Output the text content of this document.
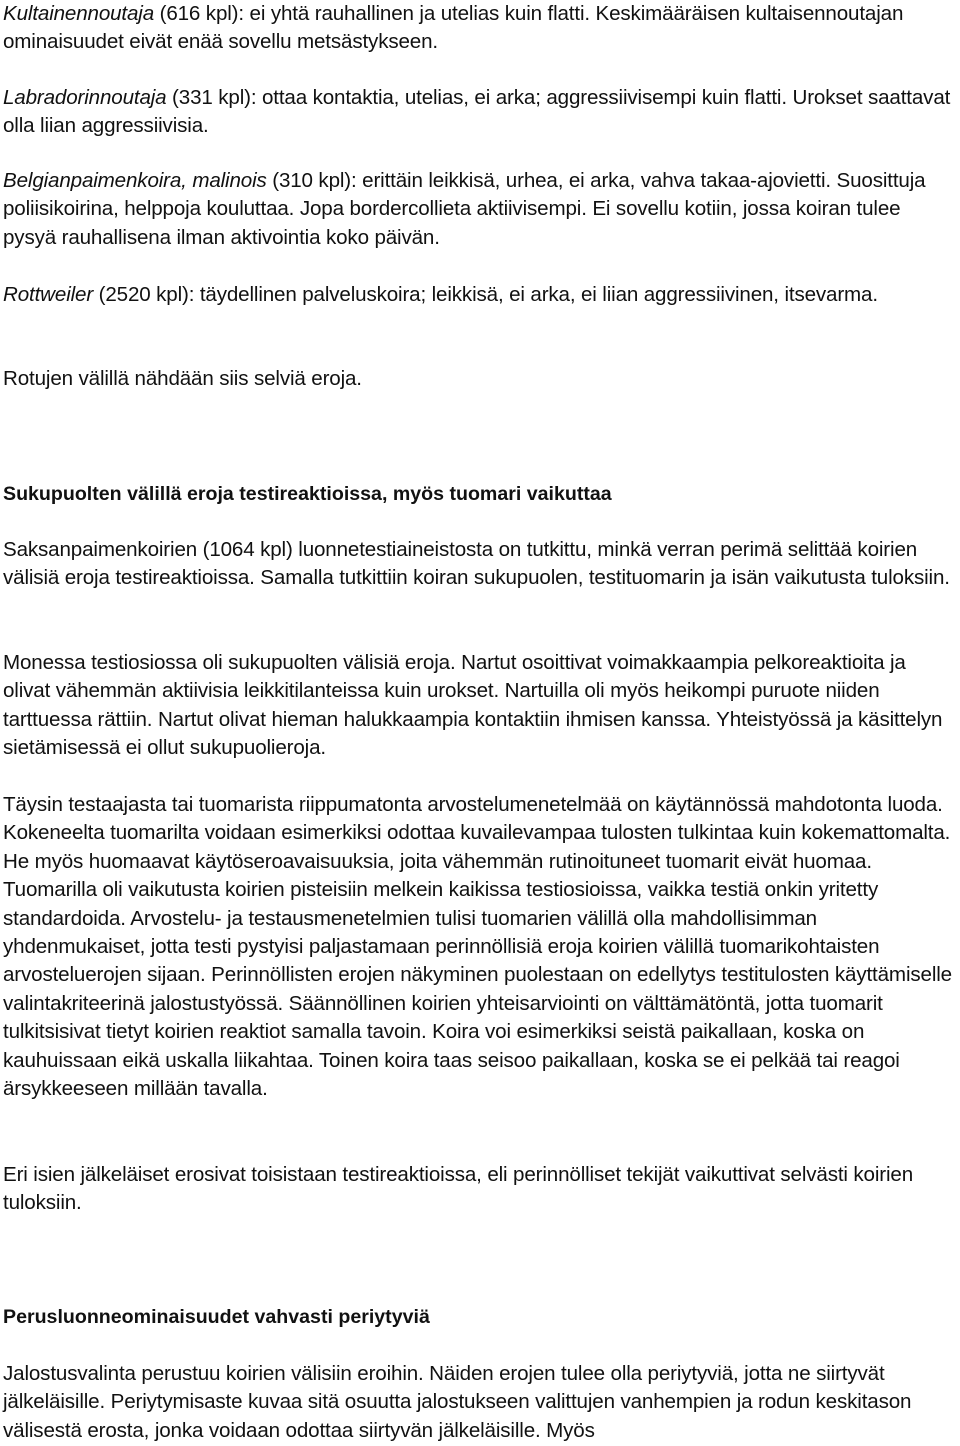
Kultainennoutaja (616 kpl): ei yhtä rauhallinen ja utelias kuin flatti. Keskimääräisen kultaisennoutajan ominaisuudet eivät enää sovellu metsästykseen.

Labradorinnoutaja (331 kpl): ottaa kontaktia, utelias, ei arka; aggressiivisempi kuin flatti. Urokset saattavat olla liian aggressiivisia.

Belgianpaimenkoira, malinois (310 kpl): erittäin leikkisä, urhea, ei arka, vahva takaa-ajovietti. Suosittuja poliisikoirina, helppoja kouluttaa. Jopa bordercollieta aktiivisempi. Ei sovellu kotiin, jossa koiran tulee pysyä rauhallisena ilman aktivointia koko päivän.

Rottweiler (2520 kpl): täydellinen palveluskoira; leikkisä, ei arka, ei liian aggressiivinen, itsevarma.

Rotujen välillä nähdään siis selviä eroja.

Sukupuolten välillä eroja testireaktioissa, myös tuomari vaikuttaa

Saksanpaimenkoirien (1064 kpl) luonnetestiaineistosta on tutkittu, minkä verran perimä selittää koirien välisiä eroja testireaktioissa. Samalla tutkittiin koiran sukupuolen, testituomarin ja isän vaikutusta tuloksiin.

Monessa testiosiossa oli sukupuolten välisiä eroja. Nartut osoittivat voimakkaampia pelkoreaktioita ja olivat vähemmän aktiivisia leikkitilanteissa kuin urokset. Nartuilla oli myös heikompi puruote niiden tarttuessa rättiin. Nartut olivat hieman halukkaampia kontaktiin ihmisen kanssa. Yhteistyössä ja käsittelyn sietämisessä ei ollut sukupuolieroja.

Täysin testaajasta tai tuomarista riippumatonta arvostelumenetelmää on käytännössä mahdotonta luoda. Kokeneelta tuomarilta voidaan esimerkiksi odottaa kuvailevampaa tulosten tulkintaa kuin kokemattomalta. He myös huomaavat käytöseroavaisuuksia, joita vähemmän rutinoituneet tuomarit eivät huomaa. Tuomarilla oli vaikutusta koirien pisteisiin melkein kaikissa testiosioissa, vaikka testiä onkin yritetty standardoida. Arvostelu- ja testausmenetelmien tulisi tuomarien välillä olla mahdollisimman yhdenmukaiset, jotta testi pystyisi paljastamaan perinnöllisiä eroja koirien välillä tuomarikohtaisten arvosteluerojen sijaan. Perinnöllisten erojen näkyminen puolestaan on edellytys testitulosten käyttämiselle valintakriteerinä jalostustyössä. Säännöllinen koirien yhteisarviointi on välttämätöntä, jotta tuomarit tulkitsisivat tietyt koirien reaktiot samalla tavoin. Koira voi esimerkiksi seistä paikallaan, koska on kauhuissaan eikä uskalla liikahtaa. Toinen koira taas seisoo paikallaan, koska se ei pelkää tai reagoi ärsykkeeseen millään tavalla.

Eri isien jälkeläiset erosivat toisistaan testireaktioissa, eli perinnölliset tekijät vaikuttivat selvästi koirien tuloksiin.

Perusluonneominaisuudet vahvasti periytyviä

Jalostusvalinta perustuu koirien välisiin eroihin. Näiden erojen tulee olla periytyviä, jotta ne siirtyvät jälkeläisille. Periytymisaste kuvaa sitä osuutta jalostukseen valittujen vanhempien ja rodun keskitason välisestä erosta, jonka voidaan odottaa siirtyvän jälkeläisille. Myös
